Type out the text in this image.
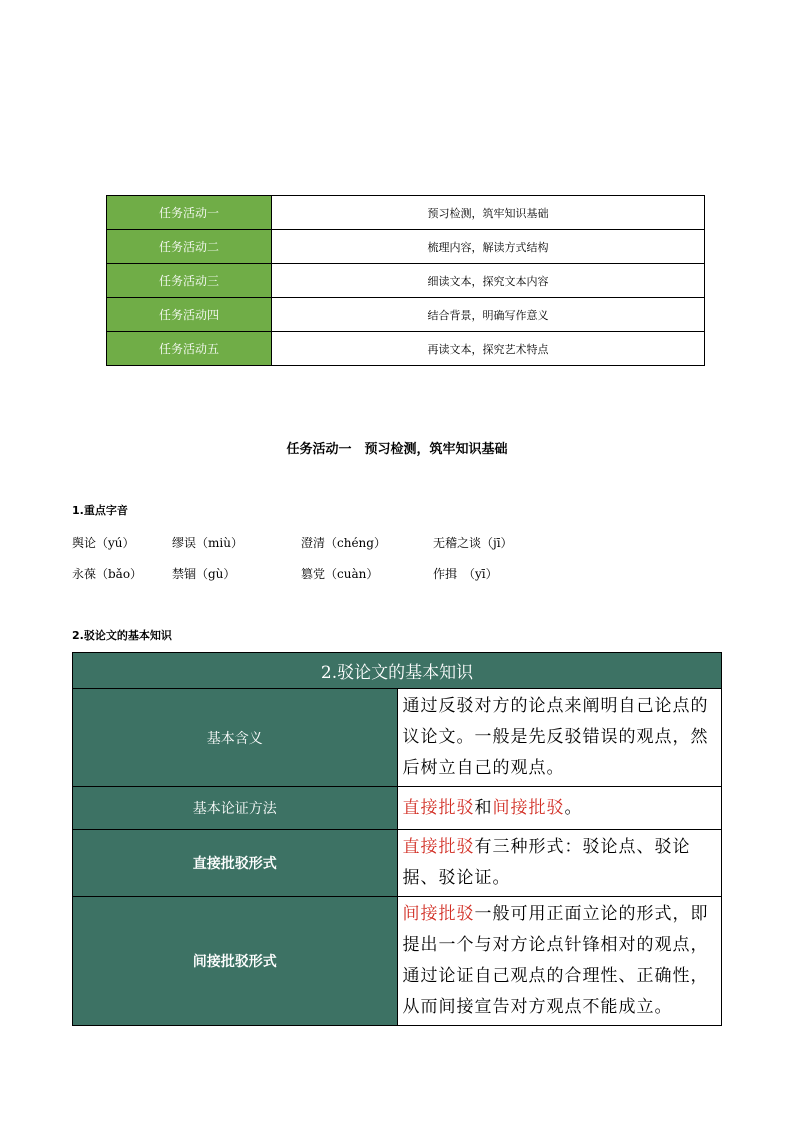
任务活动一	预习检测，筑牢知识基础
任务活动二	梳理内容，解读方式结构
任务活动三	细读文本，探究文本内容
任务活动四	结合背景，明确写作意义
任务活动五	再读文本，探究艺术特点
任务活动一　预习检测，筑牢知识基础
1.重点字音
舆论（yú）	缪误（miù）	澄清（chéng）	无稽之谈（jī）
永葆（bǎo） 禁锢（gù）	篡党（cuàn）	作揖　（yī）
2.驳论文的基本知识
2.驳论文的基本知识	
基本含义	通过反驳对方的论点来阐明自己论点的议论文。一般是先反驳错误的观点，然后树立自己的观点。
基本论证方法	直接批驳和间接批驳。
直接批驳形式	直接批驳有三种形式：驳论点、驳论据、驳论证。
间接批驳形式	间接批驳一般可用正面立论的形式，即提出一个与对方论点针锋相对的观点，通过论证自己观点的合理性、正确性，从而间接宣告对方观点不能成立。
